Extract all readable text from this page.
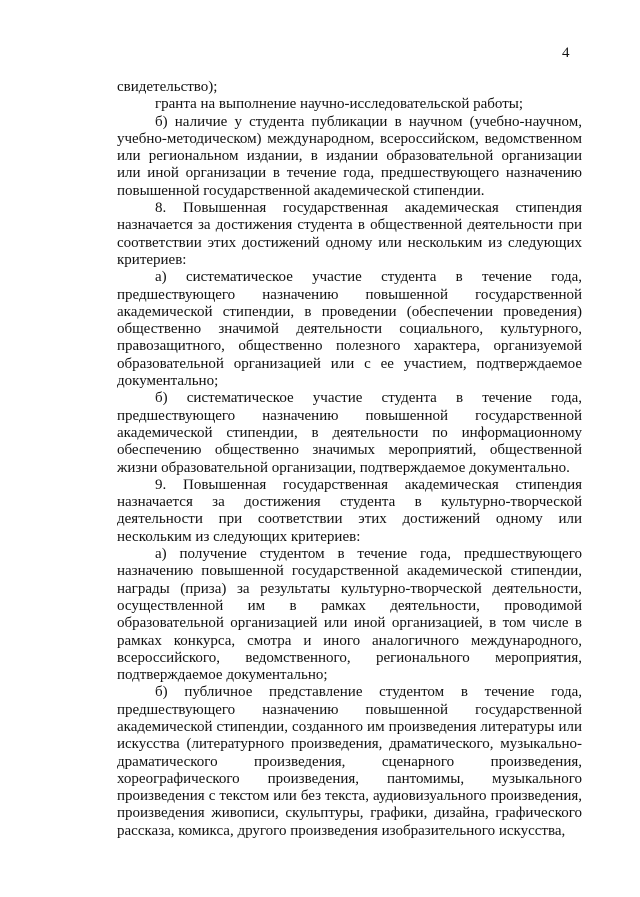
4

свидетельство);

гранта на выполнение научно-исследовательской работы;

б) наличие у студента публикации в научном (учебно-научном, учебно-методическом) международном, всероссийском, ведомственном или региональном издании, в издании образовательной организации или иной организации в течение года, предшествующего назначению повышенной государственной академической стипендии.

8. Повышенная государственная академическая стипендия назначается за достижения студента в общественной деятельности при соответствии этих достижений одному или нескольким из следующих критериев:

а) систематическое участие студента в течение года, предшествующего назначению повышенной государственной академической стипендии, в проведении (обеспечении проведения) общественно значимой деятельности социального, культурного, правозащитного, общественно полезного характера, организуемой образовательной организацией или с ее участием, подтверждаемое документально;

б) систематическое участие студента в течение года, предшествующего назначению повышенной государственной академической стипендии, в деятельности по информационному обеспечению общественно значимых мероприятий, общественной жизни образовательной организации, подтверждаемое документально.

9. Повышенная государственная академическая стипендия назначается за достижения студента в культурно-творческой деятельности при соответствии этих достижений одному или нескольким из следующих критериев:

а) получение студентом в течение года, предшествующего назначению повышенной государственной академической стипендии, награды (приза) за результаты культурно-творческой деятельности, осуществленной им в рамках деятельности, проводимой образовательной организацией или иной организацией, в том числе в рамках конкурса, смотра и иного аналогичного международного, всероссийского, ведомственного, регионального мероприятия, подтверждаемое документально;

б) публичное представление студентом в течение года, предшествующего назначению повышенной государственной академической стипендии, созданного им произведения литературы или искусства (литературного произведения, драматического, музыкально-драматического произведения, сценарного произведения, хореографического произведения, пантомимы, музыкального произведения с текстом или без текста, аудиовизуального произведения, произведения живописи, скульптуры, графики, дизайна, графического рассказа, комикса, другого произведения изобразительного искусства,
